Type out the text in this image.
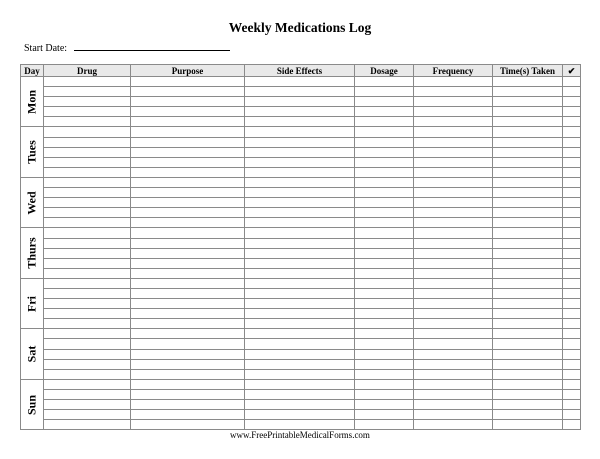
Weekly Medications Log
Start Date:
Day	Drug	Purpose	Side Effects	Dosage	Frequency	Time(s) Taken	✔

Mon							

Tues							

Wed							

Thurs							

Fri							

Sat							

Sun							

www.FreePrintableMedicalForms.com
